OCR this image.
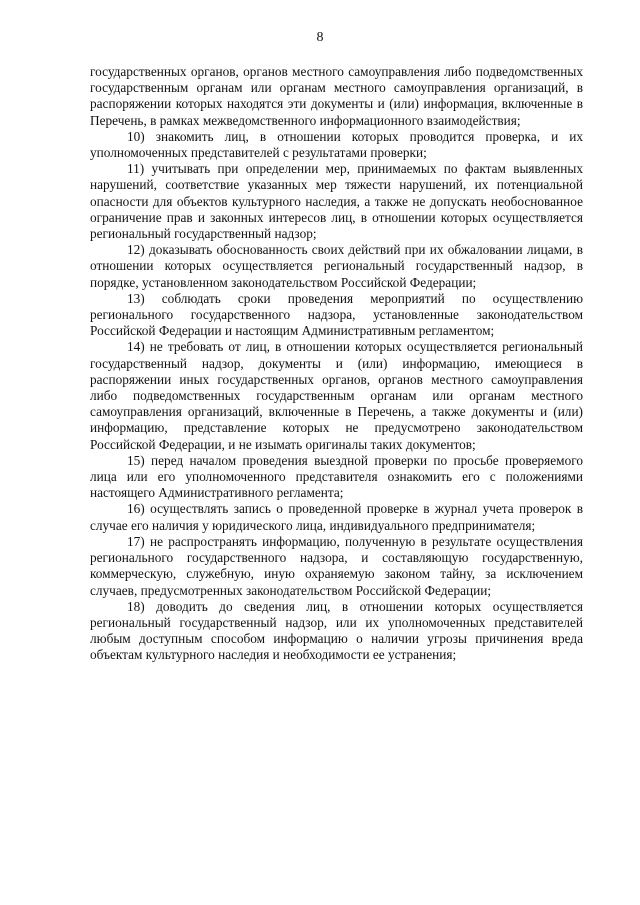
8

государственных органов, органов местного самоуправления либо подведомственных государственным органам или органам местного самоуправления организаций, в распоряжении которых находятся эти документы и (или) информация, включенные в Перечень, в рамках межведомственного информационного взаимодействия;

10) знакомить лиц, в отношении которых проводится проверка, и их уполномоченных представителей с результатами проверки;

11) учитывать при определении мер, принимаемых по фактам выявленных нарушений, соответствие указанных мер тяжести нарушений, их потенциальной опасности для объектов культурного наследия, а также не допускать необоснованное ограничение прав и законных интересов лиц, в отношении которых осуществляется региональный государственный надзор;

12) доказывать обоснованность своих действий при их обжаловании лицами, в отношении которых осуществляется региональный государственный надзор, в порядке, установленном законодательством Российской Федерации;

13) соблюдать сроки проведения мероприятий по осуществлению регионального государственного надзора, установленные законодательством Российской Федерации и настоящим Административным регламентом;

14) не требовать от лиц, в отношении которых осуществляется региональный государственный надзор, документы и (или) информацию, имеющиеся в распоряжении иных государственных органов, органов местного самоуправления либо подведомственных государственным органам или органам местного самоуправления организаций, включенные в Перечень, а также документы и (или) информацию, представление которых не предусмотрено законодательством Российской Федерации, и не изымать оригиналы таких документов;

15) перед началом проведения выездной проверки по просьбе проверяемого лица или его уполномоченного представителя ознакомить его с положениями настоящего Административного регламента;

16) осуществлять запись о проведенной проверке в журнал учета проверок в случае его наличия у юридического лица, индивидуального предпринимателя;

17) не распространять информацию, полученную в результате осуществления регионального государственного надзора, и составляющую государственную, коммерческую, служебную, иную охраняемую законом тайну, за исключением случаев, предусмотренных законодательством Российской Федерации;

18) доводить до сведения лиц, в отношении которых осуществляется региональный государственный надзор, или их уполномоченных представителей любым доступным способом информацию о наличии угрозы причинения вреда объектам культурного наследия и необходимости ее устранения;
